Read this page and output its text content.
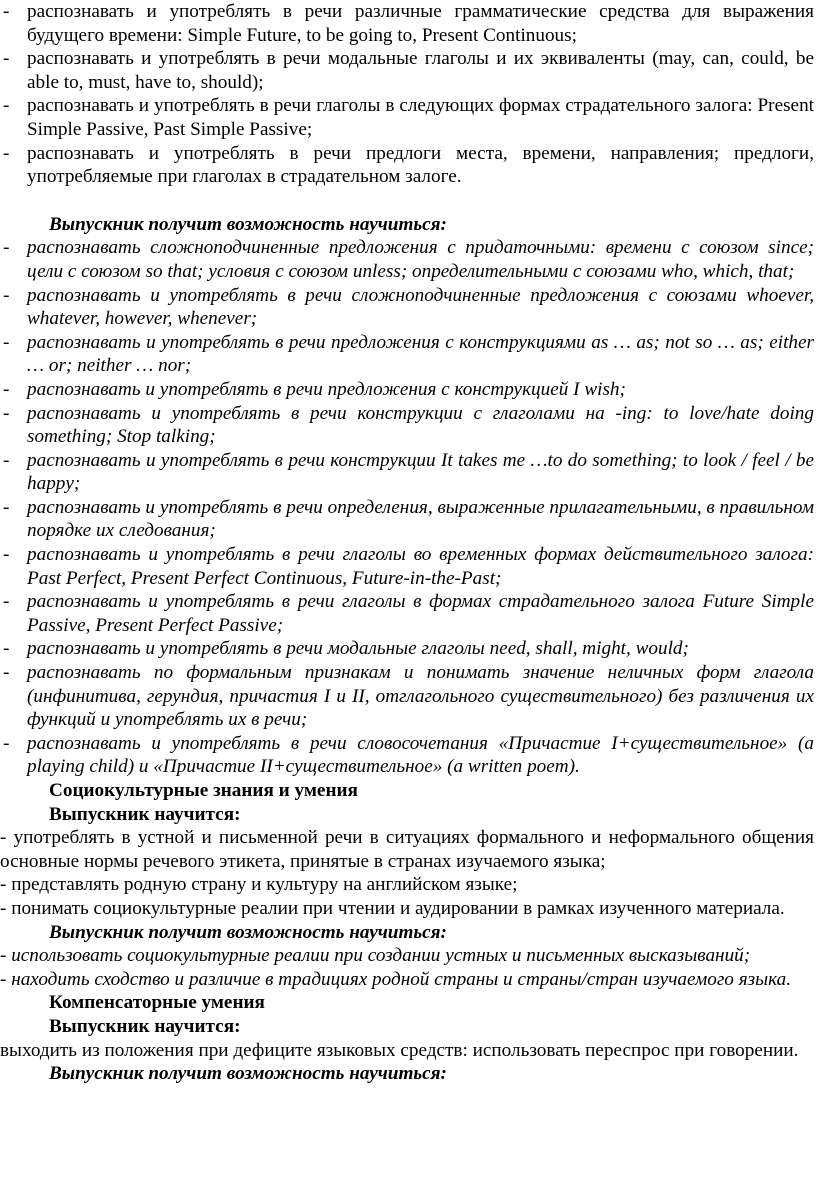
- распознавать и употреблять в речи различные грамматические средства для выражения будущего времени: Simple Future, to be going to, Present Continuous;
- распознавать и употреблять в речи модальные глаголы и их эквиваленты (may, can, could, be able to, must, have to, should);
- распознавать и употреблять в речи глаголы в следующих формах страдательного залога: Present Simple Passive, Past Simple Passive;
- распознавать и употреблять в речи предлоги места, времени, направления; предлоги, употребляемые при глаголах в страдательном залоге.

Выпускник получит возможность научиться:

- распознавать сложноподчиненные предложения с придаточными: времени с союзом since; цели с союзом so that; условия с союзом unless; определительными с союзами who, which, that;
- распознавать и употреблять в речи сложноподчиненные предложения с союзами whoever, whatever, however, whenever;
- распознавать и употреблять в речи предложения с конструкциями as … as; not so … as; either … or; neither … nor;
- распознавать и употреблять в речи предложения с конструкцией I wish;
- распознавать и употреблять в речи конструкции с глаголами на -ing: to love/hate doing something; Stop talking;
- распознавать и употреблять в речи конструкции It takes me …to do something; to look / feel / be happy;
- распознавать и употреблять в речи определения, выраженные прилагательными, в правильном порядке их следования;
- распознавать и употреблять в речи глаголы во временных формах действительного залога: Past Perfect, Present Perfect Continuous, Future-in-the-Past;
- распознавать и употреблять в речи глаголы в формах страдательного залога Future Simple Passive, Present Perfect Passive;
- распознавать и употреблять в речи модальные глаголы need, shall, might, would;
- распознавать по формальным признакам и понимать значение неличных форм глагола (инфинитива, герундия, причастия I и II, отглагольного существительного) без различения их функций и употреблять их в речи;
- распознавать и употреблять в речи словосочетания «Причастие I+существительное» (a playing child) и «Причастие II+существительное» (a written poem).

Социокультурные знания и умения

Выпускник научится:

- употреблять в устной и письменной речи в ситуациях формального и неформального общения основные нормы речевого этикета, принятые в странах изучаемого языка;

- представлять родную страну и культуру на английском языке;

- понимать социокультурные реалии при чтении и аудировании в рамках изученного материала.

Выпускник получит возможность научиться:

- использовать социокультурные реалии при создании устных и письменных высказываний;

- находить сходство и различие в традициях родной страны и страны/стран изучаемого языка.

Компенсаторные умения

Выпускник научится:

выходить из положения при дефиците языковых средств: использовать переспрос при говорении.

Выпускник получит возможность научиться:
